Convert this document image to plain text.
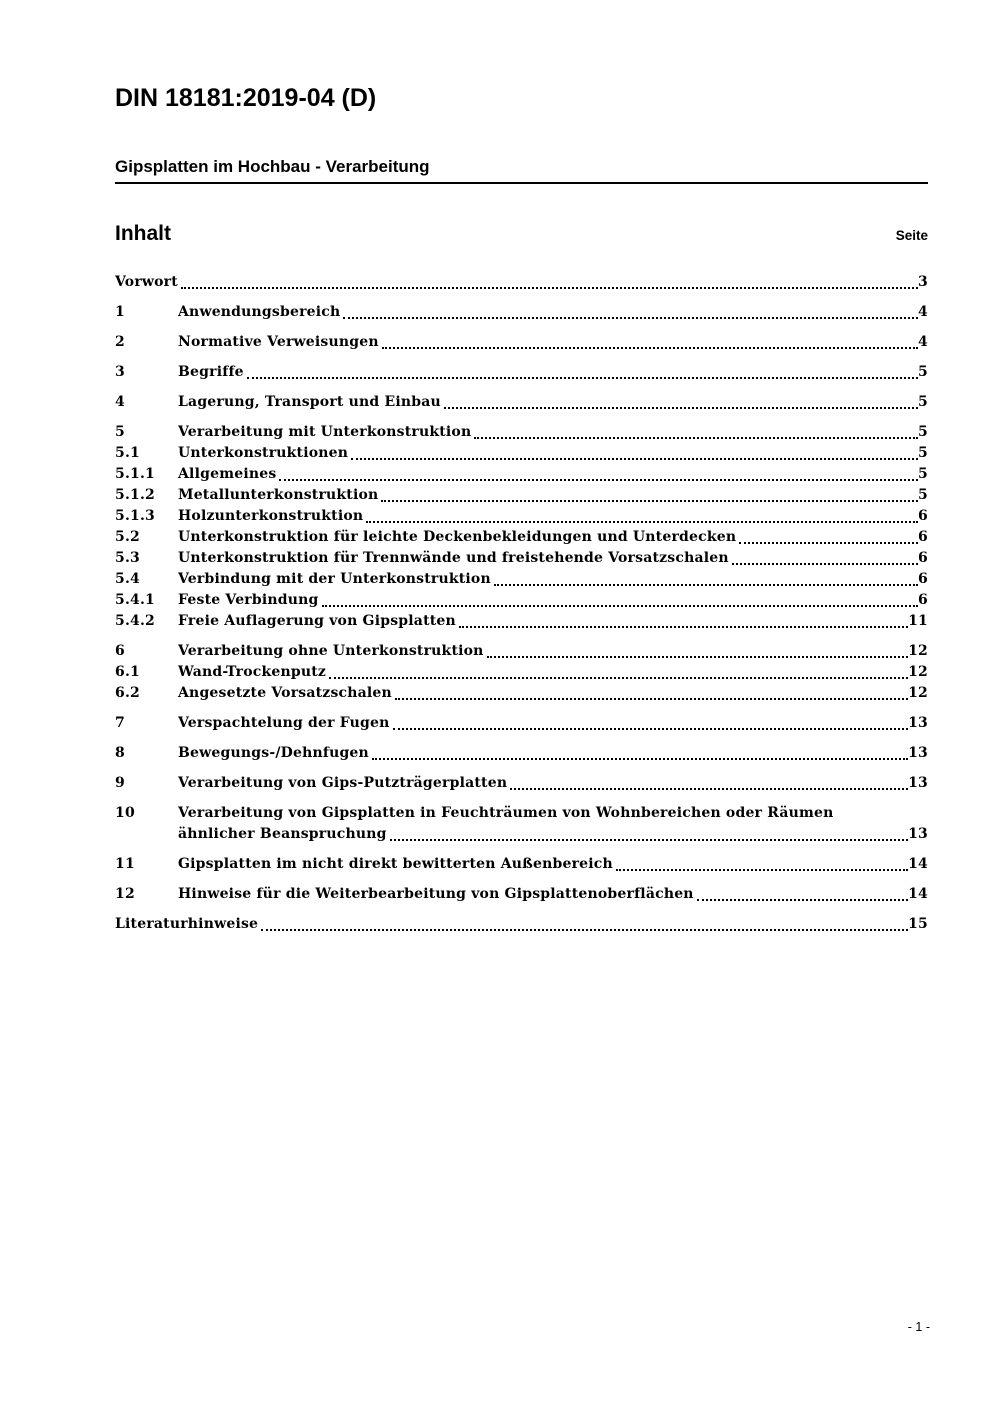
DIN 18181:2019-04 (D)
Gipsplatten im Hochbau - Verarbeitung
Inhalt	Seite
Vorwort	3
1	Anwendungsbereich	4
2	Normative Verweisungen	4
3	Begriffe	5
4	Lagerung, Transport und Einbau	5
5	Verarbeitung mit Unterkonstruktion	5
5.1	Unterkonstruktionen	5
5.1.1	Allgemeines	5
5.1.2	Metallunterkonstruktion	5
5.1.3	Holzunterkonstruktion	6
5.2	Unterkonstruktion für leichte Deckenbekleidungen und Unterdecken	6
5.3	Unterkonstruktion für Trennwände und freistehende Vorsatzschalen	6
5.4	Verbindung mit der Unterkonstruktion	6
5.4.1	Feste Verbindung	6
5.4.2	Freie Auflagerung von Gipsplatten	11
6	Verarbeitung ohne Unterkonstruktion	12
6.1	Wand-Trockenputz	12
6.2	Angesetzte Vorsatzschalen	12
7	Verspachtelung der Fugen	13
8	Bewegungs-/Dehnfugen	13
9	Verarbeitung von Gips-Putzträgerplatten	13
10	Verarbeitung von Gipsplatten in Feuchträumen von Wohnbereichen oder Räumen
ähnlicher Beanspruchung	13
11	Gipsplatten im nicht direkt bewitterten Außenbereich	14
12	Hinweise für die Weiterbearbeitung von Gipsplattenoberflächen	14
Literaturhinweise	15
- 1 -
